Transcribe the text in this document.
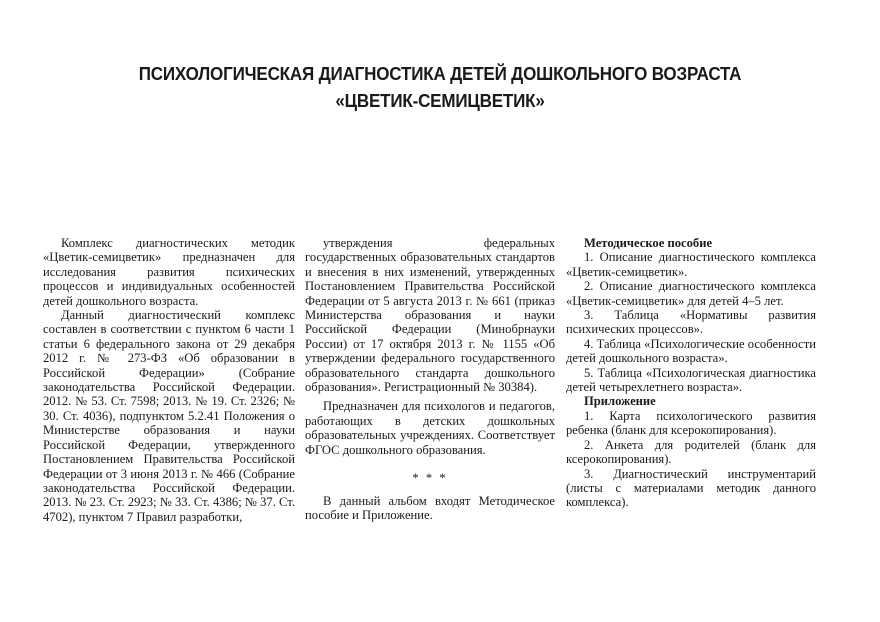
ПСИХОЛОГИЧЕСКАЯ ДИАГНОСТИКА ДЕТЕЙ ДОШКОЛЬНОГО ВОЗРАСТА
«ЦВЕТИК-СЕМИЦВЕТИК»

Комплекс диагностических методик «Цветик-семицветик» предназначен для исследования развития психических процессов и индивидуальных особенностей детей дошкольного возраста.

Данный диагностический комплекс составлен в соответствии с пунктом 6 части 1 статьи 6 федерального закона от 29 декабря 2012 г. № 273-ФЗ «Об образовании в Российской Федерации» (Собрание законодательства Российской Федерации. 2012. № 53. Ст. 7598; 2013. № 19. Ст. 2326; № 30. Ст. 4036), подпунктом 5.2.41 Положения о Министерстве образования и науки Российской Федерации, утвержденного Постановлением Правительства Российской Федерации от 3 июня 2013 г. № 466 (Собрание законодательства Российской Федерации. 2013. № 23. Ст. 2923; № 33. Ст. 4386; № 37. Ст. 4702), пунктом 7 Правил разработки,

утверждения федеральных государственных образовательных стандартов и внесения в них изменений, утвержденных Постановлением Правительства Российской Федерации от 5 августа 2013 г. № 661 (приказ Министерства образования и науки Российской Федерации (Минобрнауки России) от 17 октября 2013 г. № 1155 «Об утверждении федерального государственного образовательного стандарта дошкольного образования». Регистрационный № 30384).

Предназначен для психологов и педагогов, работающих в детских дошкольных образовательных учреждениях. Соответствует ФГОС дошкольного образования.

* * *

В данный альбом входят Методическое пособие и Приложение.

Методическое пособие

1. Описание диагностического комплекса «Цветик-семицветик».

2. Описание диагностического комплекса «Цветик-семицветик» для детей 4–5 лет.

3. Таблица «Нормативы развития психических процессов».

4. Таблица «Психологические особенности детей дошкольного возраста».

5. Таблица «Психологическая диагностика детей четырехлетнего возраста».

Приложение

1. Карта психологического развития ребенка (бланк для ксерокопирования).

2. Анкета для родителей (бланк для ксерокопирования).

3. Диагностический инструментарий (листы с материалами методик данного комплекса).
